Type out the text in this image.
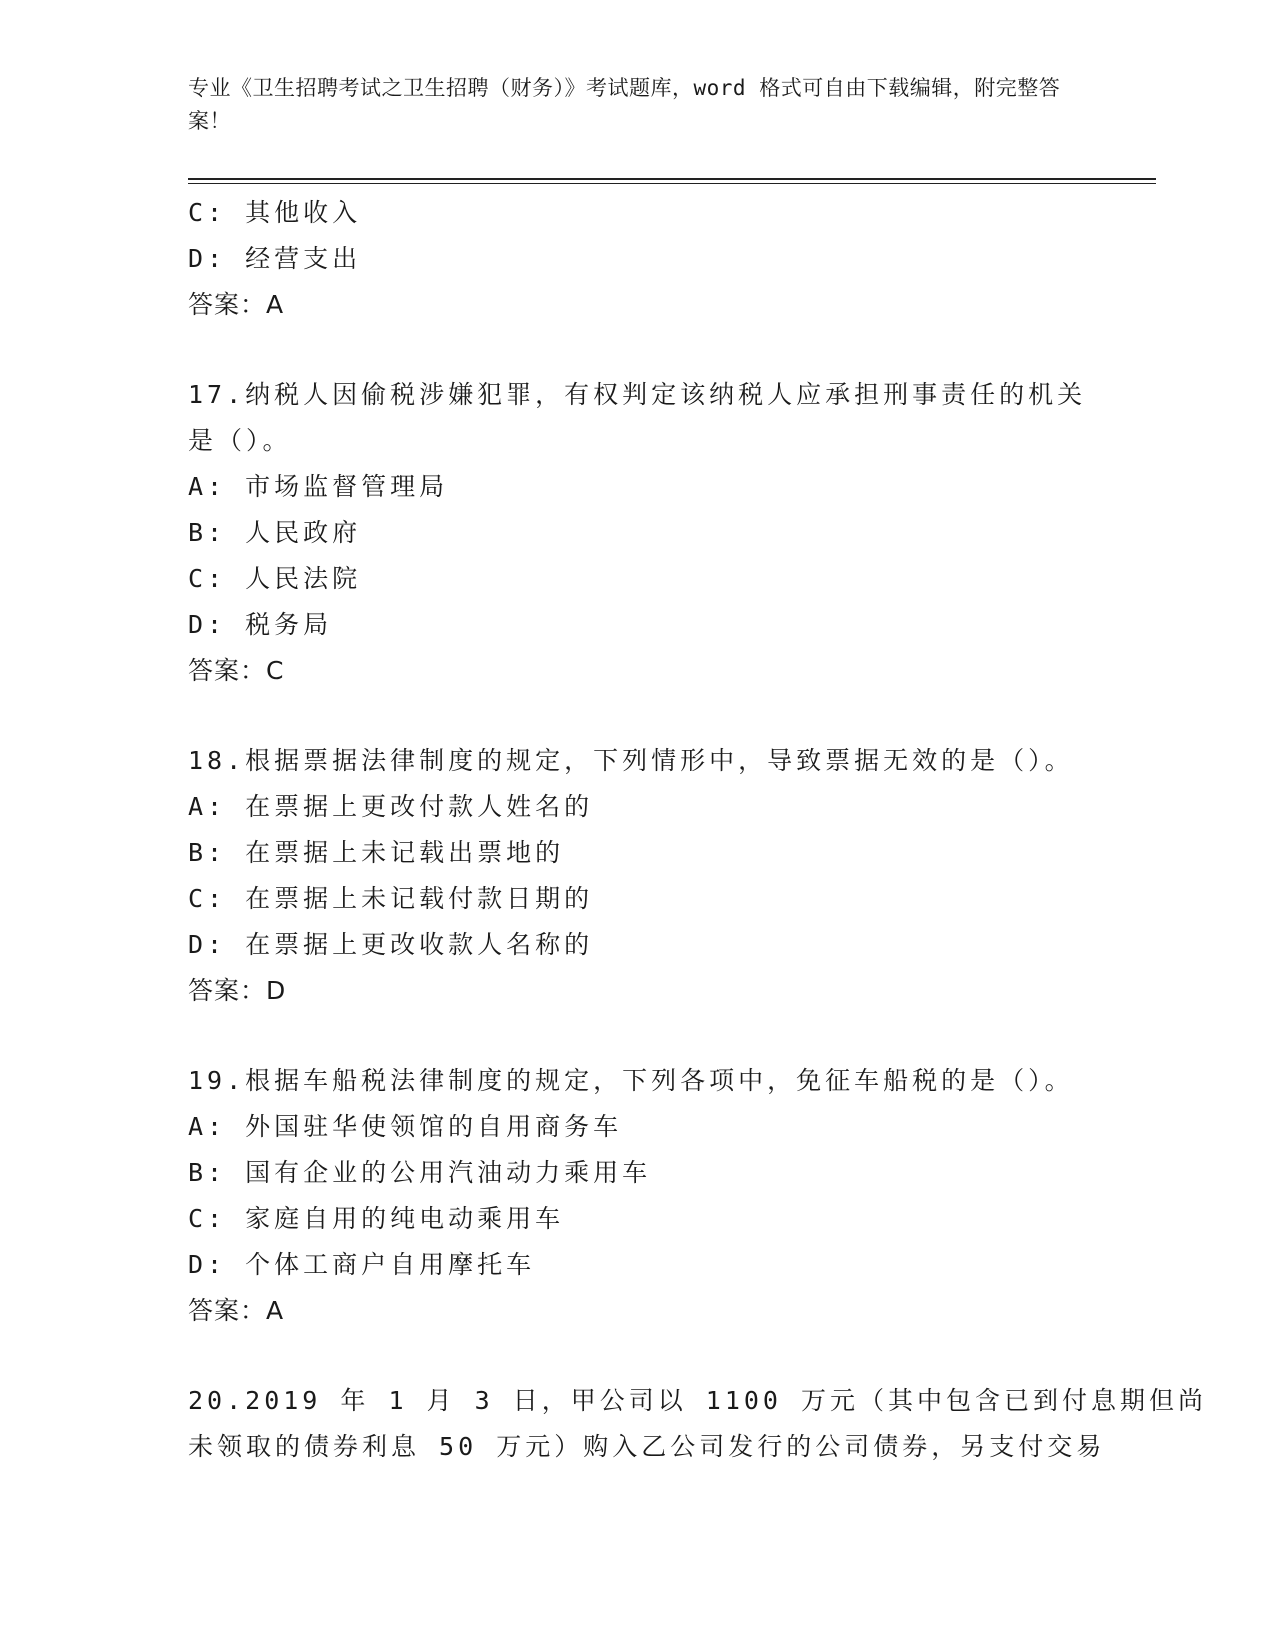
专业《卫生招聘考试之卫生招聘（财务）》考试题库，word 格式可自由下载编辑，附完整答案！
C: 其他收入
D: 经营支出
答案：A
17.纳税人因偷税涉嫌犯罪，有权判定该纳税人应承担刑事责任的机关
是（）。
A: 市场监督管理局
B: 人民政府
C: 人民法院
D: 税务局
答案：C
18.根据票据法律制度的规定，下列情形中，导致票据无效的是（）。
A: 在票据上更改付款人姓名的
B: 在票据上未记载出票地的
C: 在票据上未记载付款日期的
D: 在票据上更改收款人名称的
答案：D
19.根据车船税法律制度的规定，下列各项中，免征车船税的是（）。
A: 外国驻华使领馆的自用商务车
B: 国有企业的公用汽油动力乘用车
C: 家庭自用的纯电动乘用车
D: 个体工商户自用摩托车
答案：A
20.2019 年 1 月 3 日，甲公司以 1100 万元（其中包含已到付息期但尚
未领取的债券利息 50 万元）购入乙公司发行的公司债券，另支付交易
